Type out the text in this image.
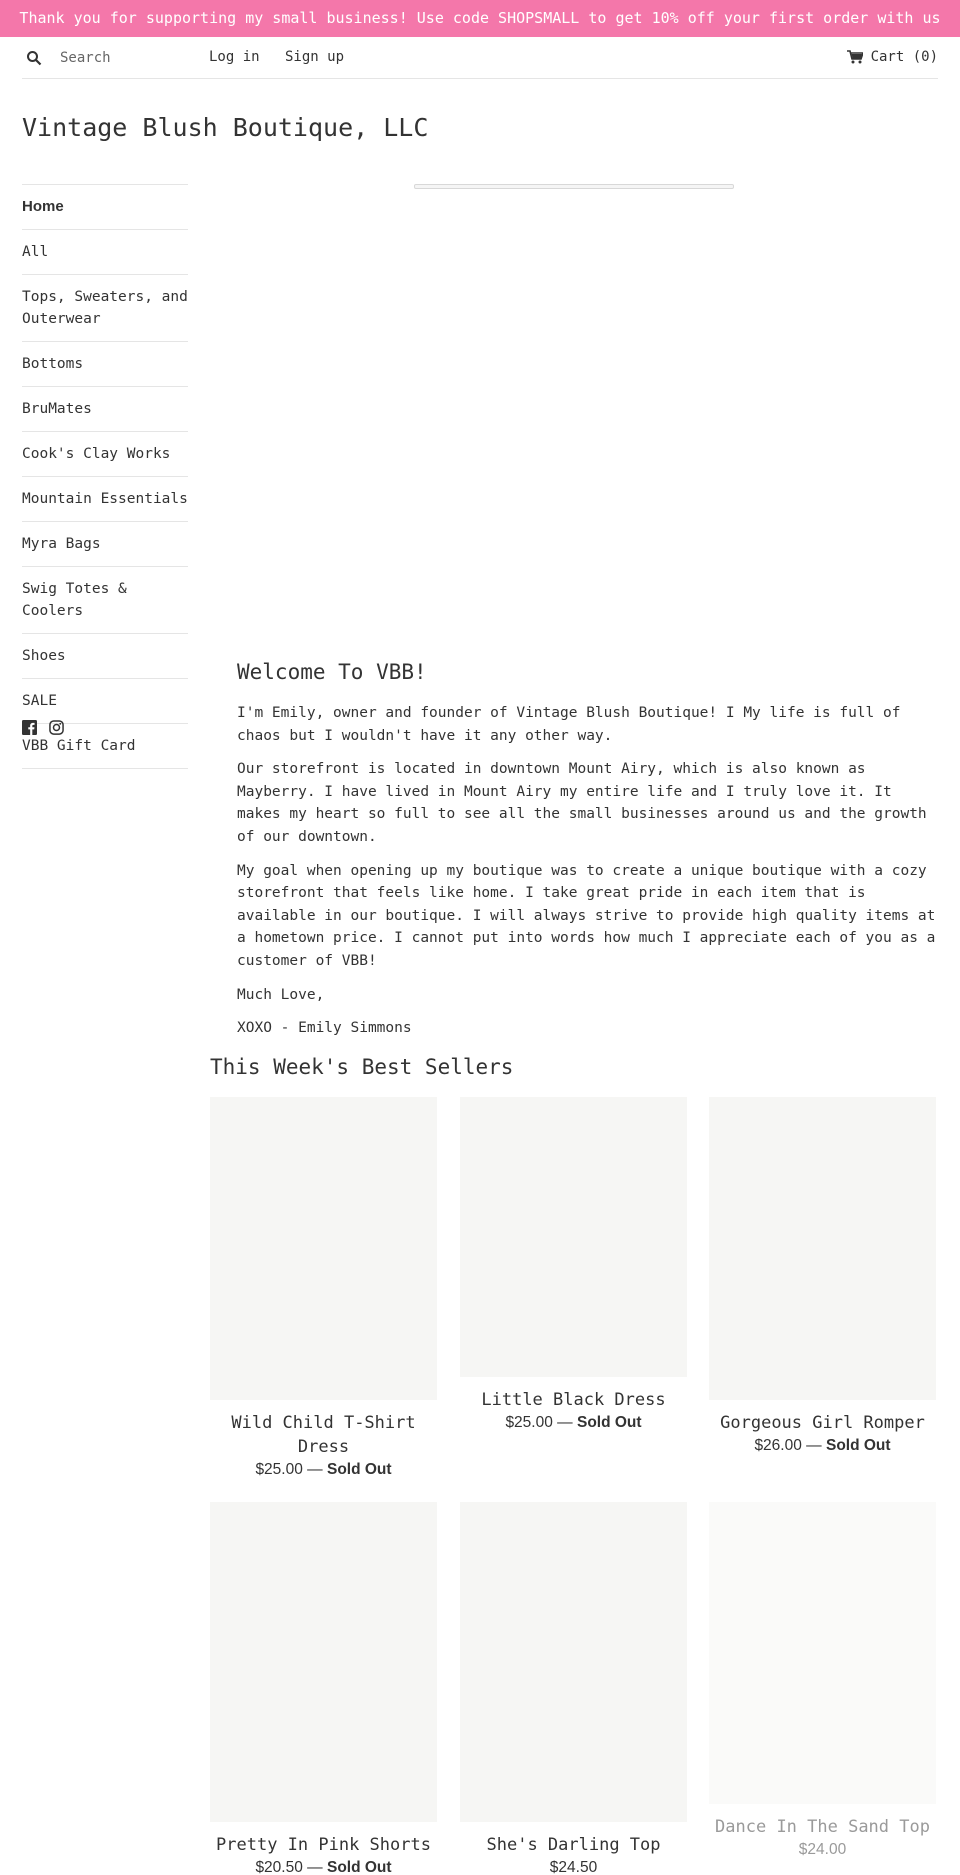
Thank you for supporting my small business! Use code SHOPSMALL to get 10% off your first order with us
Search
Log in Sign up	Cart (0)
Vintage Blush Boutique, LLC
Home
All
Tops, Sweaters, and Outerwear
Bottoms
BruMates
Cook's Clay Works
Mountain Essentials
Myra Bags
Swig Totes & Coolers
Shoes
SALE
VBB Gift Card
Welcome To VBB!

I'm Emily, owner and founder of Vintage Blush Boutique! I My life is full of chaos but I wouldn't have it any other way.

Our storefront is located in downtown Mount Airy, which is also known as Mayberry. I have lived in Mount Airy my entire life and I truly love it. It makes my heart so full to see all the small businesses around us and the growth of our downtown.

My goal when opening up my boutique was to create a unique boutique with a cozy storefront that feels like home. I take great pride in each item that is available in our boutique. I will always strive to provide high quality items at a hometown price. I cannot put into words how much I appreciate each of you as a customer of VBB!

Much Love,

XOXO - Emily Simmons

This Week's Best Sellers
Wild Child T-Shirt Dress
$25.00 — Sold Out
Little Black Dress
$25.00 — Sold Out	Gorgeous Girl Romper
$26.00 — Sold Out
Pretty In Pink Shorts
$20.50 — Sold Out
She's Darling Top
$24.50
Dance In The Sand Top
$24.00
